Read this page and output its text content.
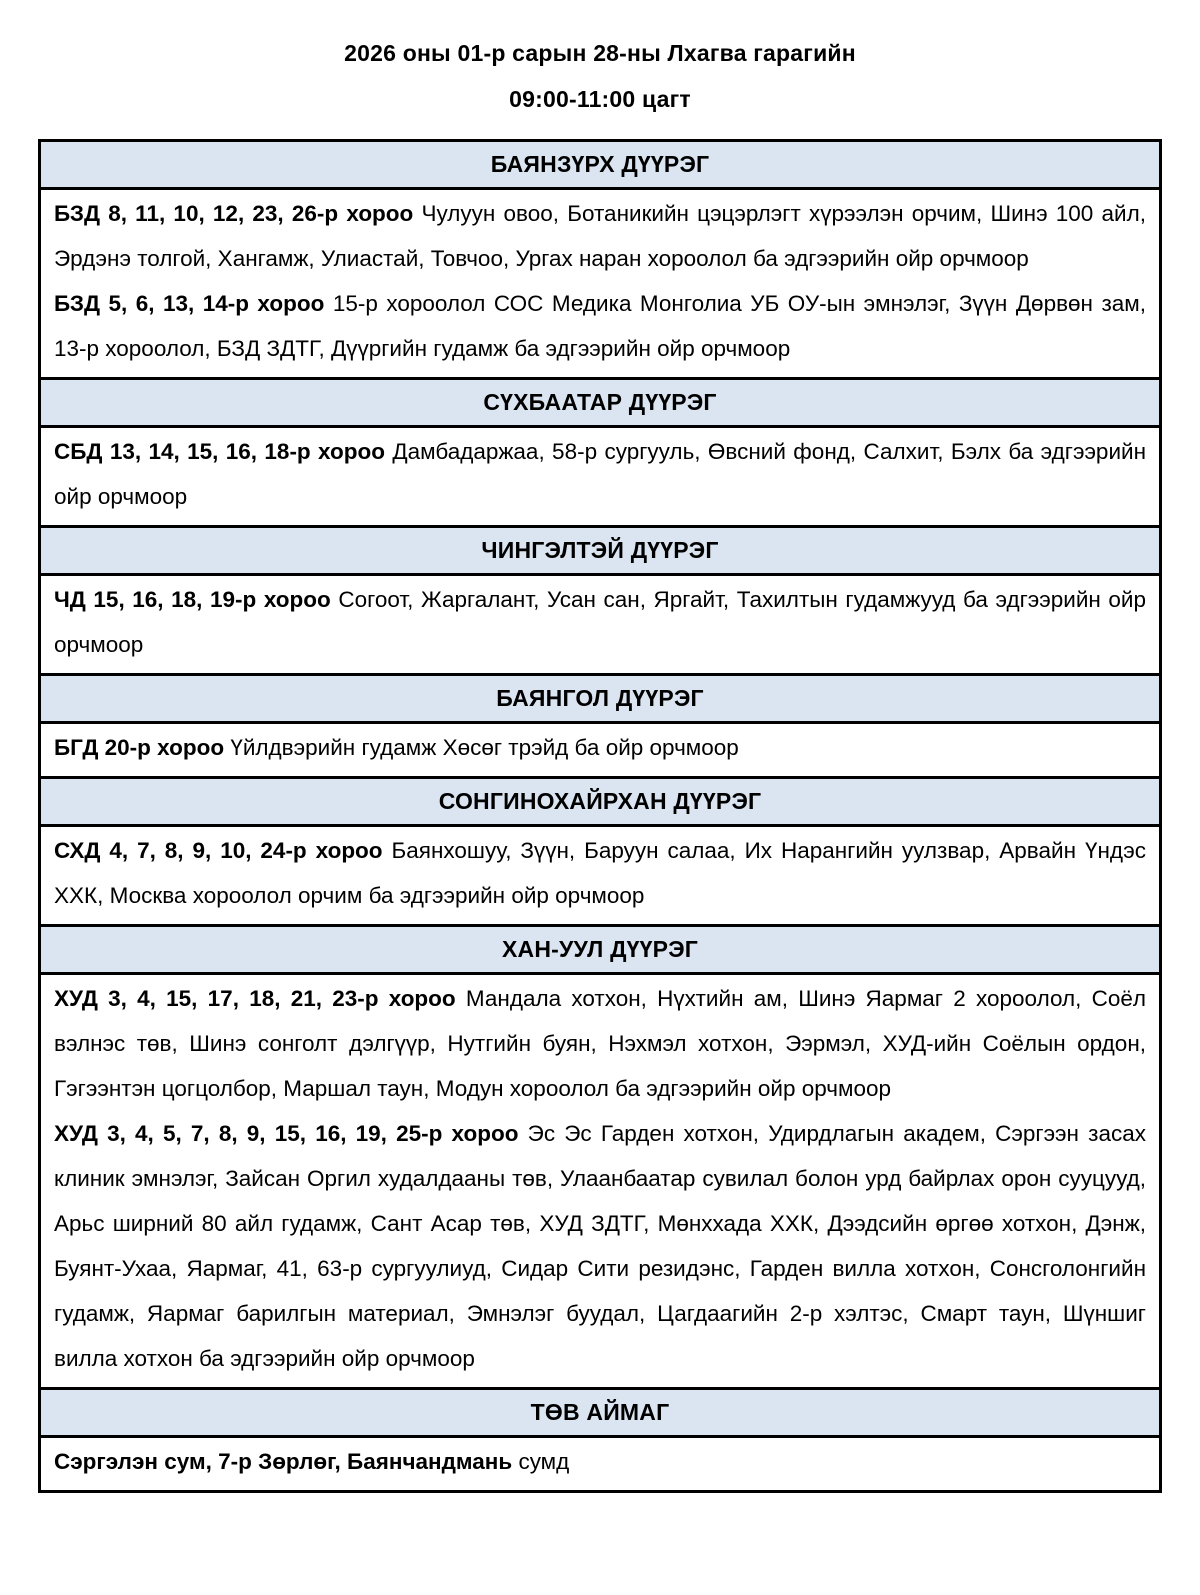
2026 оны 01-р сарын 28-ны Лхагва гарагийн
09:00-11:00 цагт
БАЯНЗҮРХ ДҮҮРЭГ

БЗД 8, 11, 10, 12, 23, 26-р хороо Чулуун овоо, Ботаникийн цэцэрлэгт хүрээлэн орчим, Шинэ 100 айл, Эрдэнэ толгой, Хангамж, Улиастай, Товчоо, Ургах наран хороолол ба эдгээрийн ойр орчмоор

БЗД 5, 6, 13, 14-р хороо 15-р хороолол СОС Медика Монголиа УБ ОУ-ын эмнэлэг, Зүүн Дөрвөн зам, 13-р хороолол, БЗД ЗДТГ, Дүүргийн гудамж ба эдгээрийн ойр орчмоор

СҮХБААТАР ДҮҮРЭГ

СБД 13, 14, 15, 16, 18-р хороо Дамбадаржаа, 58-р сургууль, Өвсний фонд, Салхит, Бэлх ба эдгээрийн ойр орчмоор

ЧИНГЭЛТЭЙ ДҮҮРЭГ

ЧД 15, 16, 18, 19-р хороо Согоот, Жаргалант, Усан сан, Яргайт, Тахилтын гудамжууд ба эдгээрийн ойр орчмоор

БАЯНГОЛ ДҮҮРЭГ

БГД 20-р хороо Үйлдвэрийн гудамж Хөсөг трэйд ба ойр орчмоор

СОНГИНОХАЙРХАН ДҮҮРЭГ

СХД 4, 7, 8, 9, 10, 24-р хороо Баянхошуу, Зүүн, Баруун салаа, Их Нарангийн уулзвар, Арвайн Үндэс ХХК, Москва хороолол орчим ба эдгээрийн ойр орчмоор

ХАН-УУЛ ДҮҮРЭГ

ХУД 3, 4, 15, 17, 18, 21, 23-р хороо Мандала хотхон, Нүхтийн ам, Шинэ Яармаг 2 хороолол, Соёл вэлнэс төв, Шинэ сонголт дэлгүүр, Нутгийн буян, Нэхмэл хотхон, Ээрмэл, ХУД-ийн Соёлын ордон, Гэгээнтэн цогцолбор, Маршал таун, Модун хороолол ба эдгээрийн ойр орчмоор

ХУД 3, 4, 5, 7, 8, 9, 15, 16, 19, 25-р хороо Эс Эс Гарден хотхон, Удирдлагын академ, Сэргээн засах клиник эмнэлэг, Зайсан Оргил худалдааны төв, Улаанбаатар сувилал болон урд байрлах орон сууцууд, Арьс ширний 80 айл гудамж, Сант Асар төв, ХУД ЗДТГ, Мөнххада ХХК, Дээдсийн өргөө хотхон, Дэнж, Буянт-Ухаа, Яармаг, 41, 63-р сургуулиуд, Сидар Сити резидэнс, Гарден вилла хотхон, Сонсголонгийн гудамж, Яармаг барилгын материал, Эмнэлэг буудал, Цагдаагийн 2-р хэлтэс, Смарт таун, Шүншиг вилла хотхон ба эдгээрийн ойр орчмоор

ТӨВ АЙМАГ

Сэргэлэн сум, 7-р Зөрлөг, Баянчандмань сумд
